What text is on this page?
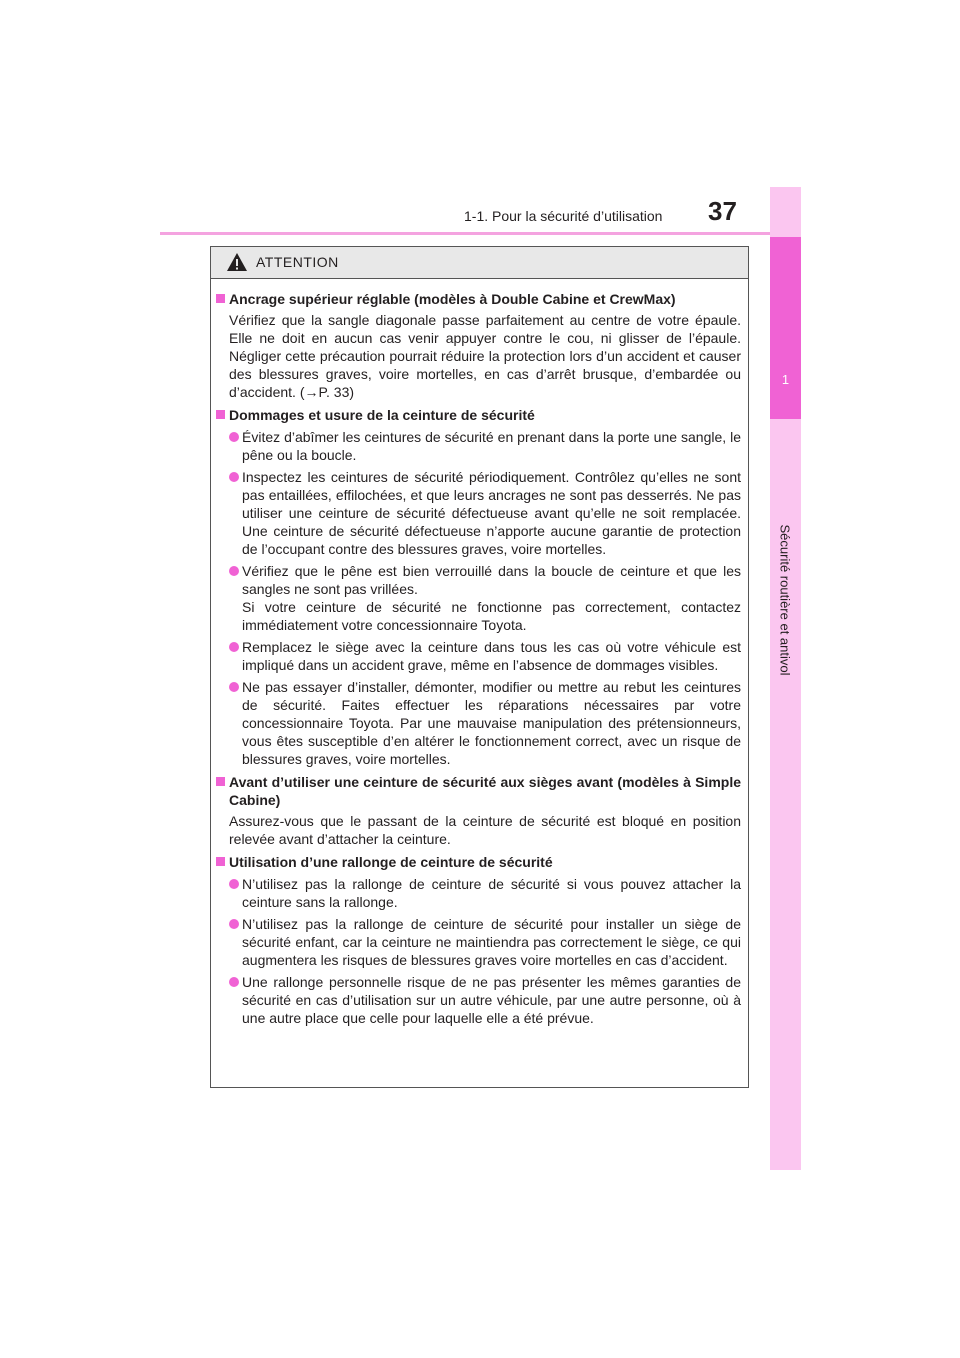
1-1. Pour la sécurité d’utilisation 37
1
Sécurité routière et antivol
ATTENTION
Ancrage supérieur réglable (modèles à Double Cabine et CrewMax)
Vérifiez que la sangle diagonale passe parfaitement au centre de votre épaule. Elle ne doit en aucun cas venir appuyer contre le cou, ni glisser de l’épaule. Négliger cette précaution pourrait réduire la protection lors d’un accident et causer des blessures graves, voire mortelles, en cas d’arrêt brusque, d’embardée ou d’accident. (→P. 33)
Dommages et usure de la ceinture de sécurité

Évitez d’abîmer les ceintures de sécurité en prenant dans la porte une sangle, le pêne ou la boucle.

Inspectez les ceintures de sécurité périodiquement. Contrôlez qu’elles ne sont pas entaillées, effilochées, et que leurs ancrages ne sont pas desserrés. Ne pas utiliser une ceinture de sécurité défectueuse avant qu’elle ne soit remplacée. Une ceinture de sécurité défectueuse n’apporte aucune garantie de protection de l’occupant contre des blessures graves, voire mortelles.

Vérifiez que le pêne est bien verrouillé dans la boucle de ceinture et que les sangles ne sont pas vrillées.

Si votre ceinture de sécurité ne fonctionne pas correctement, contactez immédiatement votre concessionnaire Toyota.

Remplacez le siège avec la ceinture dans tous les cas où votre véhicule est impliqué dans un accident grave, même en l’absence de dommages visibles.

Ne pas essayer d’installer, démonter, modifier ou mettre au rebut les ceintures de sécurité. Faites effectuer les réparations nécessaires par votre concessionnaire Toyota. Par une mauvaise manipulation des prétensionneurs, vous êtes susceptible d’en altérer le fonctionnement correct, avec un risque de blessures graves, voire mortelles.

Avant d’utiliser une ceinture de sécurité aux sièges avant (modèles à Simple Cabine)
Assurez-vous que le passant de la ceinture de sécurité est bloqué en position relevée avant d’attacher la ceinture.
Utilisation d’une rallonge de ceinture de sécurité

N’utilisez pas la rallonge de ceinture de sécurité si vous pouvez attacher la ceinture sans la rallonge.

N’utilisez pas la rallonge de ceinture de sécurité pour installer un siège de sécurité enfant, car la ceinture ne maintiendra pas correctement le siège, ce qui augmentera les risques de blessures graves voire mortelles en cas d’accident.

Une rallonge personnelle risque de ne pas présenter les mêmes garanties de sécurité en cas d’utilisation sur un autre véhicule, par une autre personne, où à une autre place que celle pour laquelle elle a été prévue.
